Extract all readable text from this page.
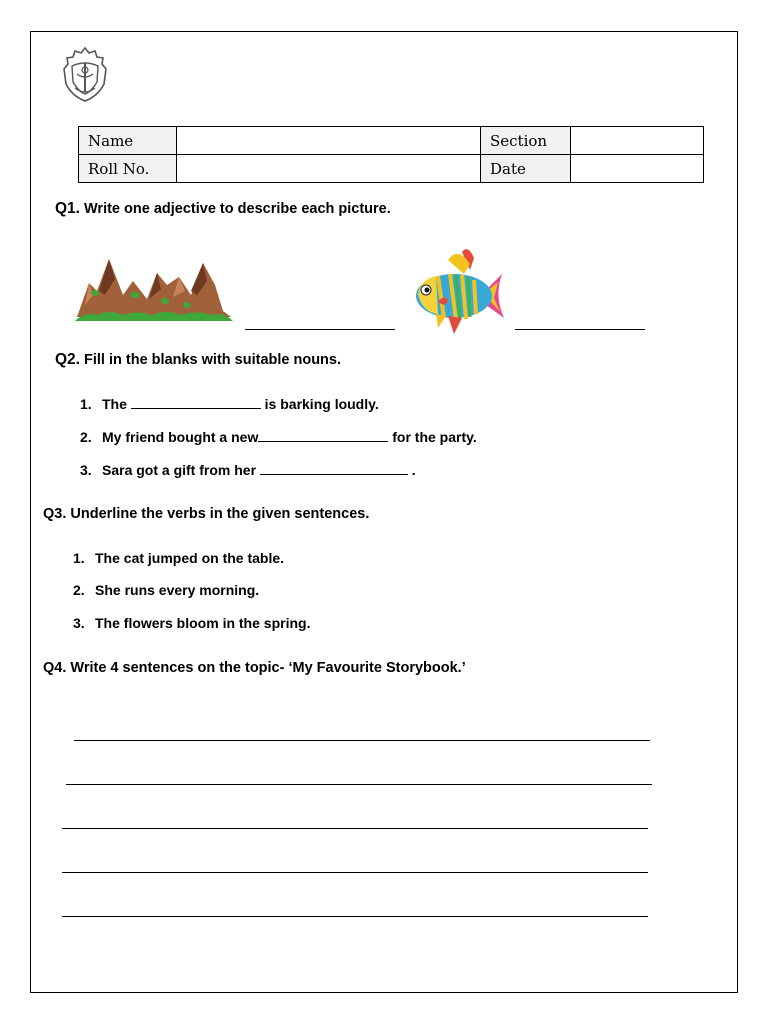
Name		Section	
Roll No.		Date	
Q1. Write one adjective to describe each picture.
Q2. Fill in the blanks with suitable nouns.
1. The	is barking loudly.
2. My friend bought a new	for the party.
3. Sara got a gift from her	.
Q3. Underline the verbs in the given sentences.
1. The cat jumped on the table.
2. She runs every morning.
3. The flowers bloom in the spring.
Q4. Write 4 sentences on the topic- ‘My Favourite Storybook.’
